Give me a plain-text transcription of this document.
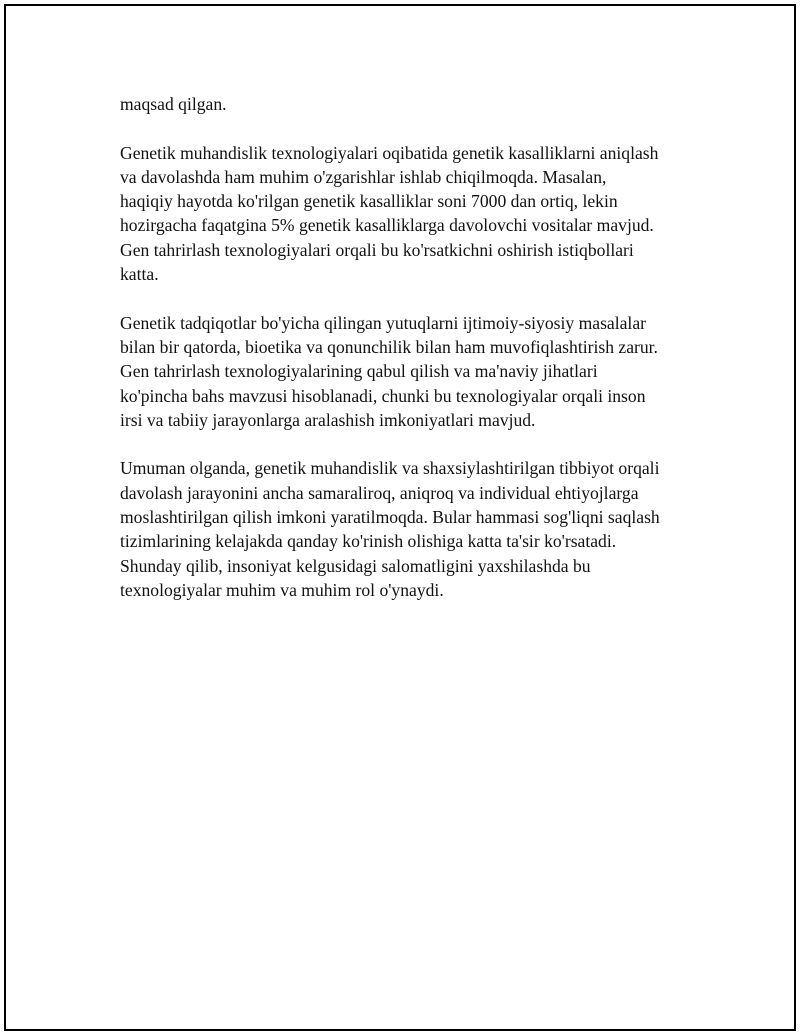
maqsad qilgan.

Genetik muhandislik texnologiyalari oqibatida genetik kasalliklarni aniqlash
va davolashda ham muhim o'zgarishlar ishlab chiqilmoqda. Masalan,
haqiqiy hayotda ko'rilgan genetik kasalliklar soni 7000 dan ortiq, lekin
hozirgacha faqatgina 5% genetik kasalliklarga davolovchi vositalar mavjud.
Gen tahrirlash texnologiyalari orqali bu ko'rsatkichni oshirish istiqbollari
katta.

Genetik tadqiqotlar bo'yicha qilingan yutuqlarni ijtimoiy-siyosiy masalalar
bilan bir qatorda, bioetika va qonunchilik bilan ham muvofiqlashtirish zarur.
Gen tahrirlash texnologiyalarining qabul qilish va ma'naviy jihatlari
ko'pincha bahs mavzusi hisoblanadi, chunki bu texnologiyalar orqali inson
irsi va tabiiy jarayonlarga aralashish imkoniyatlari mavjud.

Umuman olganda, genetik muhandislik va shaxsiylashtirilgan tibbiyot orqali
davolash jarayonini ancha samaraliroq, aniqroq va individual ehtiyojlarga
moslashtirilgan qilish imkoni yaratilmoqda. Bular hammasi sog'liqni saqlash
tizimlarining kelajakda qanday ko'rinish olishiga katta ta'sir ko'rsatadi.
Shunday qilib, insoniyat kelgusidagi salomatligini yaxshilashda bu
texnologiyalar muhim va muhim rol o'ynaydi.
